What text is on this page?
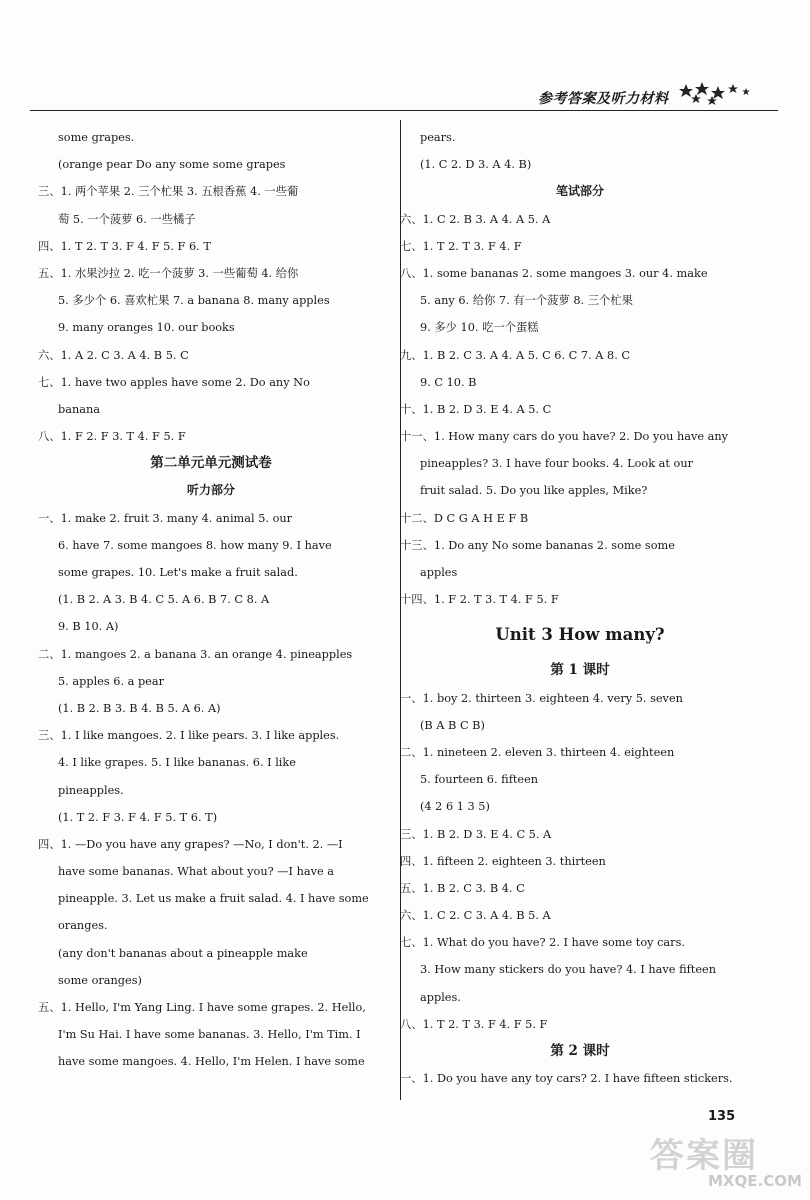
参考答案及听力材料
some grapes.
(orange pear Do any some some grapes
三、1. 两个苹果 2. 三个杧果 3. 五根香蕉 4. 一些葡
萄 5. 一个菠萝 6. 一些橘子
四、1. T 2. T 3. F 4. F 5. F 6. T
五、1. 水果沙拉 2. 吃一个菠萝 3. 一些葡萄 4. 给你
5. 多少个 6. 喜欢杧果 7. a banana 8. many apples
9. many oranges 10. our books
六、1. A 2. C 3. A 4. B 5. C
七、1. have two apples have some 2. Do any No
banana
八、1. F 2. F 3. T 4. F 5. F
第二单元单元测试卷
听力部分
一、1. make 2. fruit 3. many 4. animal 5. our
6. have 7. some mangoes 8. how many 9. I have
some grapes. 10. Let's make a fruit salad.
(1. B 2. A 3. B 4. C 5. A 6. B 7. C 8. A
9. B 10. A)
二、1. mangoes 2. a banana 3. an orange 4. pineapples
5. apples 6. a pear
(1. B 2. B 3. B 4. B 5. A 6. A)
三、1. I like mangoes. 2. I like pears. 3. I like apples.
4. I like grapes. 5. I like bananas. 6. I like
pineapples.
(1. T 2. F 3. F 4. F 5. T 6. T)
四、1. —Do you have any grapes? —No, I don't. 2. —I
have some bananas. What about you? —I have a
pineapple. 3. Let us make a fruit salad. 4. I have some
oranges.
(any don't bananas about a pineapple make
some oranges)
五、1. Hello, I'm Yang Ling. I have some grapes. 2. Hello,
I'm Su Hai. I have some bananas. 3. Hello, I'm Tim. I
have some mangoes. 4. Hello, I'm Helen. I have some
pears.
(1. C 2. D 3. A 4. B)
笔试部分
六、1. C 2. B 3. A 4. A 5. A
七、1. T 2. T 3. F 4. F
八、1. some bananas 2. some mangoes 3. our 4. make
5. any 6. 给你 7. 有一个菠萝 8. 三个杧果
9. 多少 10. 吃一个蛋糕
九、1. B 2. C 3. A 4. A 5. C 6. C 7. A 8. C
9. C 10. B
十、1. B 2. D 3. E 4. A 5. C
十一、1. How many cars do you have? 2. Do you have any
pineapples? 3. I have four books. 4. Look at our
fruit salad. 5. Do you like apples, Mike?
十二、D C G A H E F B
十三、1. Do any No some bananas 2. some some
apples
十四、1. F 2. T 3. T 4. F 5. F
Unit 3 How many?
第 1 课时
一、1. boy 2. thirteen 3. eighteen 4. very 5. seven
(B A B C B)
二、1. nineteen 2. eleven 3. thirteen 4. eighteen
5. fourteen 6. fifteen
(4 2 6 1 3 5)
三、1. B 2. D 3. E 4. C 5. A
四、1. fifteen 2. eighteen 3. thirteen
五、1. B 2. C 3. B 4. C
六、1. C 2. C 3. A 4. B 5. A
七、1. What do you have? 2. I have some toy cars.
3. How many stickers do you have? 4. I have fifteen
apples.
八、1. T 2. T 3. F 4. F 5. F
第 2 课时
一、1. Do you have any toy cars? 2. I have fifteen stickers.
135
答案圈
MXQE.COM
